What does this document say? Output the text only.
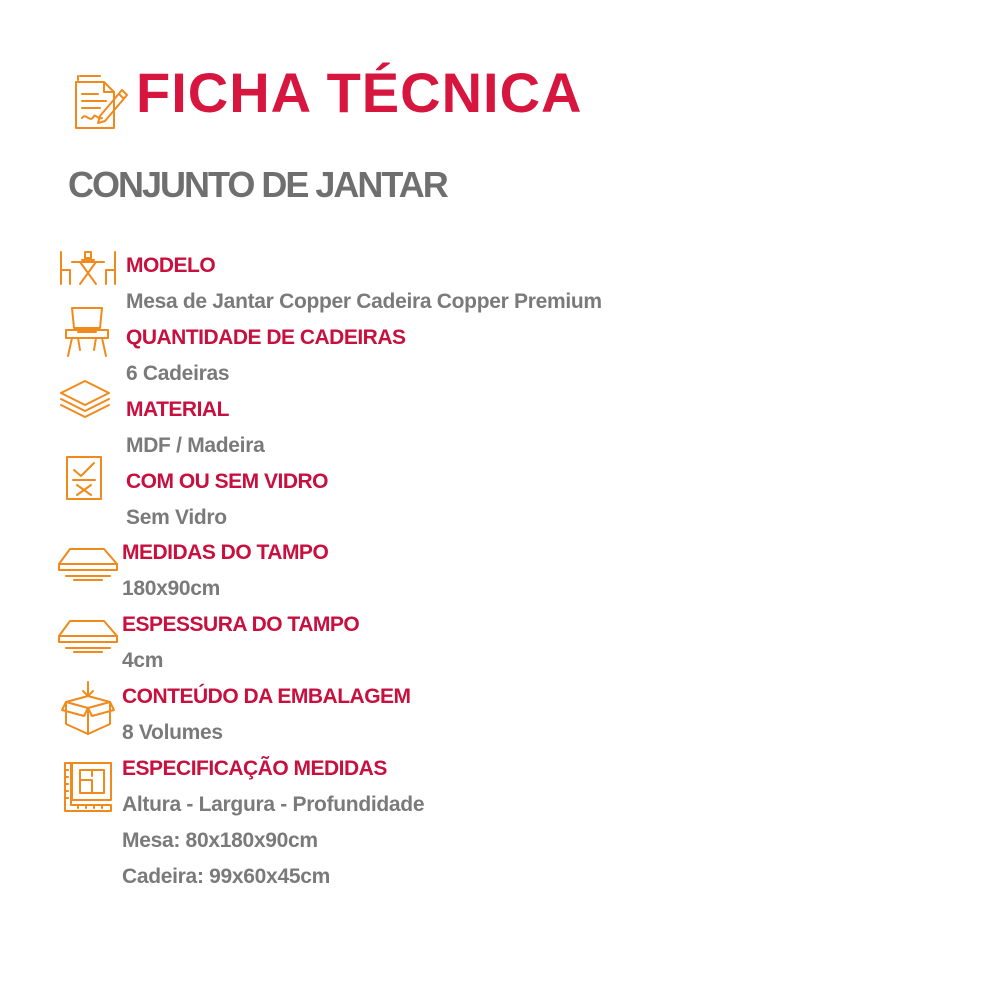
FICHA TÉCNICA
CONJUNTO DE JANTAR
MODELO
Mesa de Jantar Copper Cadeira Copper Premium
QUANTIDADE DE CADEIRAS
6 Cadeiras
MATERIAL
MDF / Madeira
COM OU SEM VIDRO
Sem Vidro
MEDIDAS DO TAMPO
180x90cm
ESPESSURA DO TAMPO
4cm
CONTEÚDO DA EMBALAGEM
8 Volumes
ESPECIFICAÇÃO MEDIDAS
Altura - Largura - Profundidade
Mesa: 80x180x90cm
Cadeira: 99x60x45cm
